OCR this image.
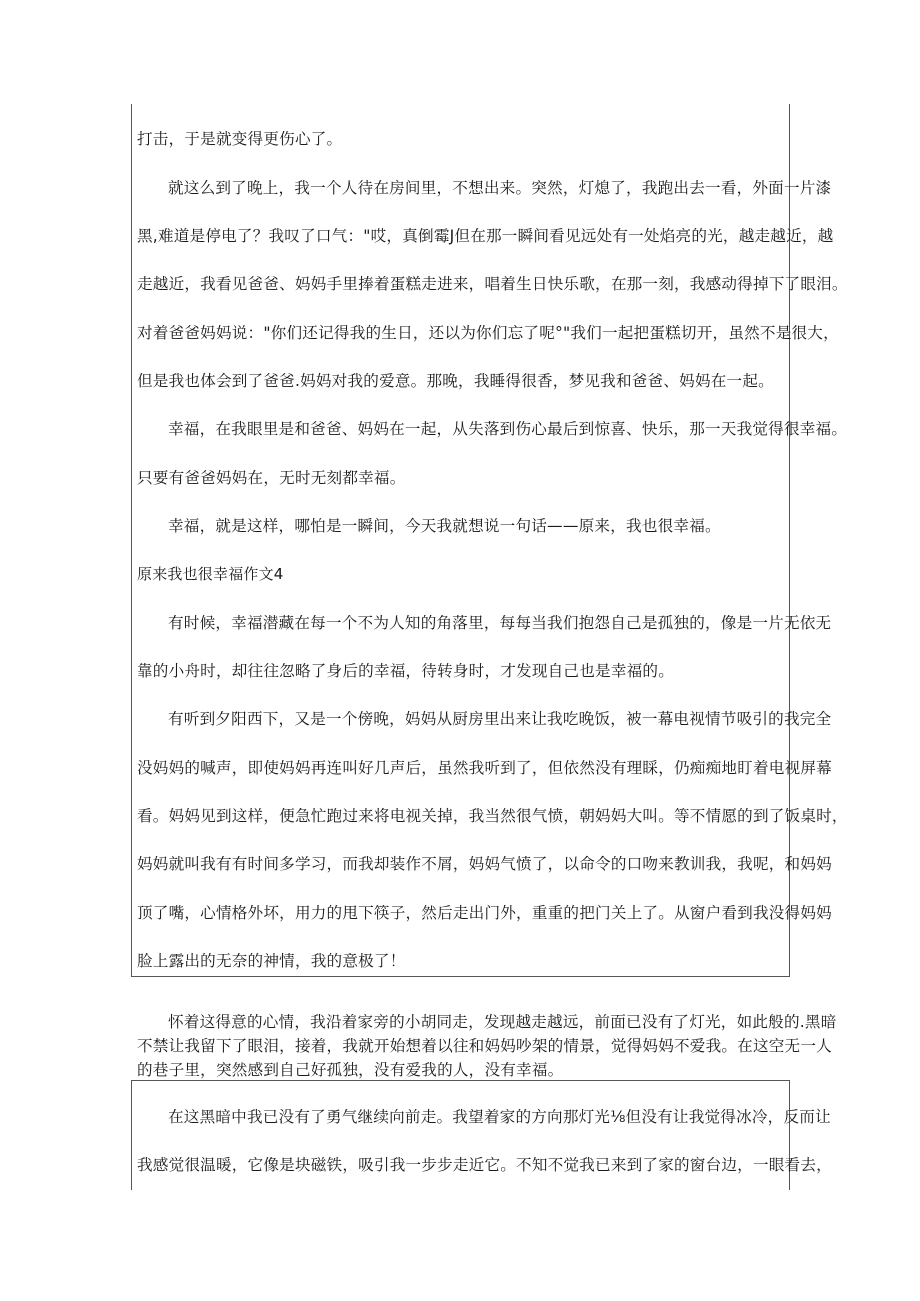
打击，于是就变得更伤心了。
就这么到了晚上，我一个人待在房间里，不想出来。突然，灯熄了，我跑出去一看，外面一片漆
黑,难道是停电了？我叹了口气："哎，真倒霉J但在那一瞬间看见远处有一处焰亮的光，越走越近，越
走越近，我看见爸爸、妈妈手里捧着蛋糕走进来，唱着生日快乐歌，在那一刻，我感动得掉下了眼泪。
对着爸爸妈妈说："你们还记得我的生日，还以为你们忘了呢°"我们一起把蛋糕切开，虽然不是很大，
但是我也体会到了爸爸.妈妈对我的爱意。那晚，我睡得很香，梦见我和爸爸、妈妈在一起。
幸福，在我眼里是和爸爸、妈妈在一起，从失落到伤心最后到惊喜、快乐，那一天我觉得很幸福。
只要有爸爸妈妈在，无时无刻都幸福。
幸福，就是这样，哪怕是一瞬间，今天我就想说一句话——原来，我也很幸福。
原来我也很幸福作文4
有时候，幸福潜藏在每一个不为人知的角落里，每每当我们抱怨自己是孤独的，像是一片无依无
靠的小舟时，却往往忽略了身后的幸福，待转身时，才发现自己也是幸福的。
有听到夕阳西下，又是一个傍晚，妈妈从厨房里出来让我吃晚饭，被一幕电视情节吸引的我完全
没妈妈的喊声，即使妈妈再连叫好几声后，虽然我听到了，但依然没有理睬，仍痴痴地盯着电视屏幕
看。妈妈见到这样，便急忙跑过来将电视关掉，我当然很气愤，朝妈妈大叫。等不情愿的到了饭桌时，
妈妈就叫我有有时间多学习，而我却装作不屑，妈妈气愤了，以命令的口吻来教训我，我呢，和妈妈
顶了嘴，心情格外坏，用力的甩下筷子，然后走出门外，重重的把门关上了。从窗户看到我没得妈妈
脸上露出的无奈的神情，我的意极了！
怀着这得意的心情，我沿着家旁的小胡同走，发现越走越远，前面已没有了灯光，如此般的.黑暗
不禁让我留下了眼泪，接着，我就开始想着以往和妈妈吵架的情景，觉得妈妈不爱我。在这空无一人
的巷子里，突然感到自己好孤独，没有爱我的人，没有幸福。
在这黑暗中我已没有了勇气继续向前走。我望着家的方向那灯光⅛但没有让我觉得冰冷，反而让
我感觉很温暖，它像是块磁铁，吸引我一步步走近它。不知不觉我已来到了家的窗台边，一眼看去，
